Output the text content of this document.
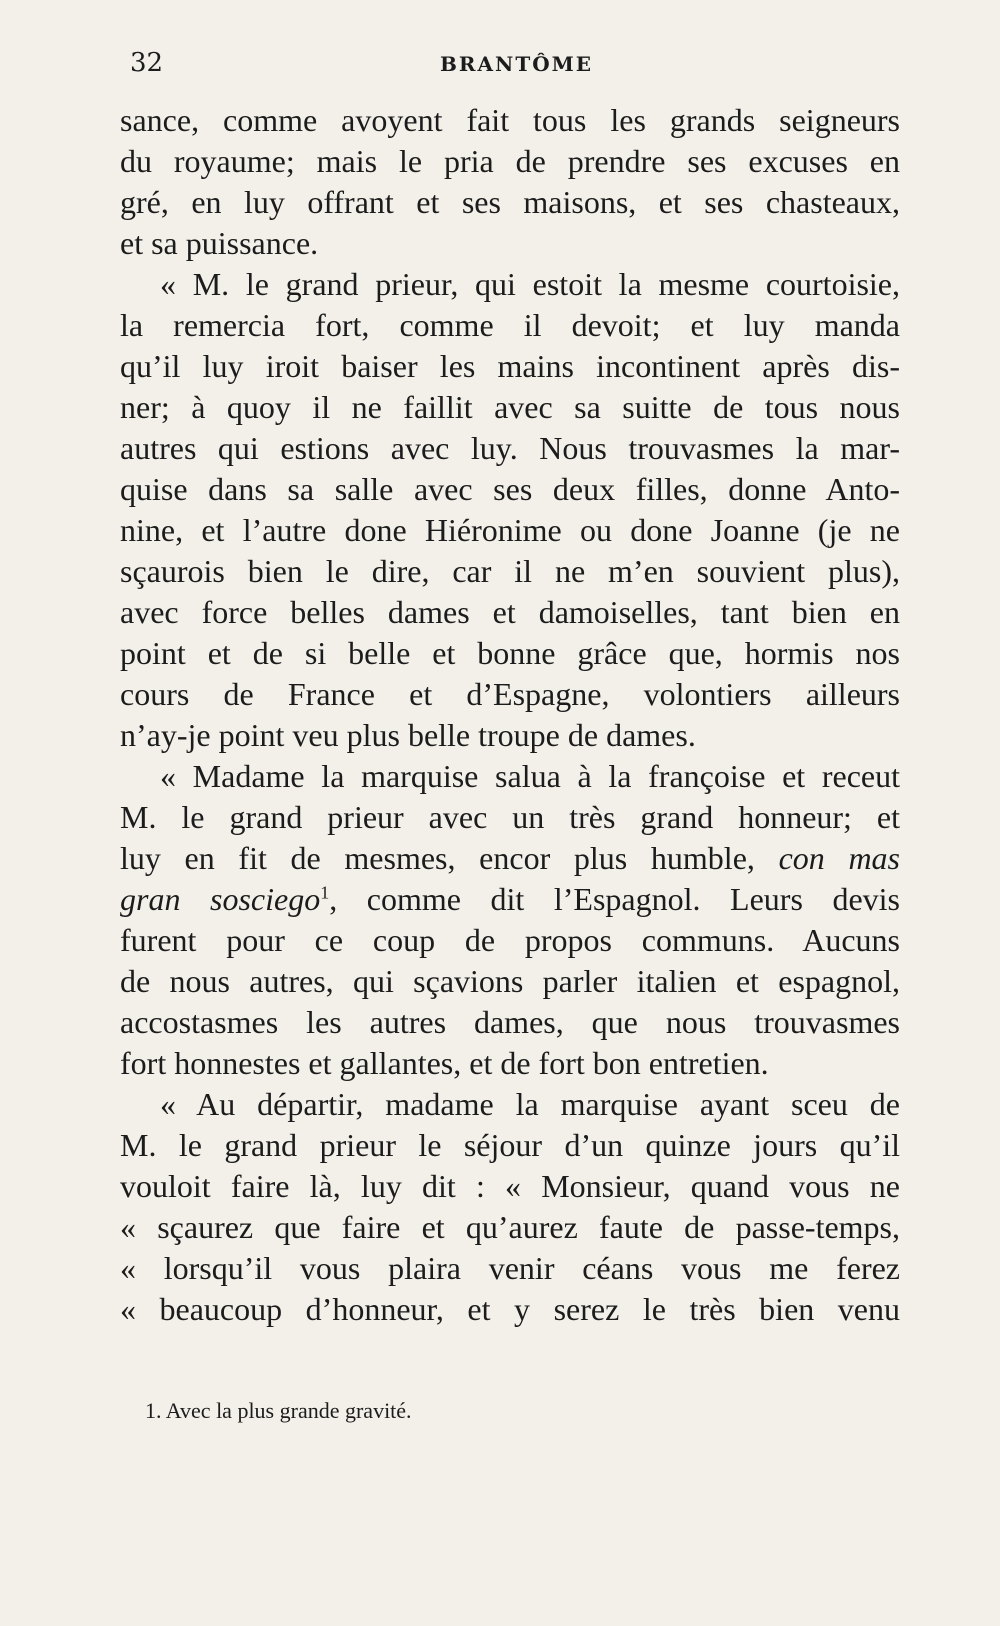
32	BRANTÔME
sance, comme avoyent fait tous les grands seigneurs
du royaume; mais le pria de prendre ses excuses en
gré, en luy offrant et ses maisons, et ses chasteaux,
et sa puissance.
« M. le grand prieur, qui estoit la mesme courtoisie,
la remercia fort, comme il devoit; et luy manda
qu’il luy iroit baiser les mains incontinent après dis-
ner; à quoy il ne faillit avec sa suitte de tous nous
autres qui estions avec luy. Nous trouvasmes la mar-
quise dans sa salle avec ses deux filles, donne Anto-
nine, et l’autre done Hiéronime ou done Joanne (je ne
sçaurois bien le dire, car il ne m’en souvient plus),
avec force belles dames et damoiselles, tant bien en
point et de si belle et bonne grâce que, hormis nos
cours de France et d’Espagne, volontiers ailleurs
n’ay-je point veu plus belle troupe de dames.
« Madame la marquise salua à la françoise et receut
M. le grand prieur avec un très grand honneur; et
luy en fit de mesmes, encor plus humble, con mas
gran sosciego$^1$, comme dit l’Espagnol. Leurs devis
furent pour ce coup de propos communs. Aucuns
de nous autres, qui sçavions parler italien et espagnol,
accostasmes les autres dames, que nous trouvasmes
fort honnestes et gallantes, et de fort bon entretien.
« Au départir, madame la marquise ayant sceu de
M. le grand prieur le séjour d’un quinze jours qu’il
vouloit faire là, luy dit : « Monsieur, quand vous ne
« sçaurez que faire et qu’aurez faute de passe-temps,
« lorsqu’il vous plaira venir céans vous me ferez
« beaucoup d’honneur, et y serez le très bien venu
1. Avec la plus grande gravité.
